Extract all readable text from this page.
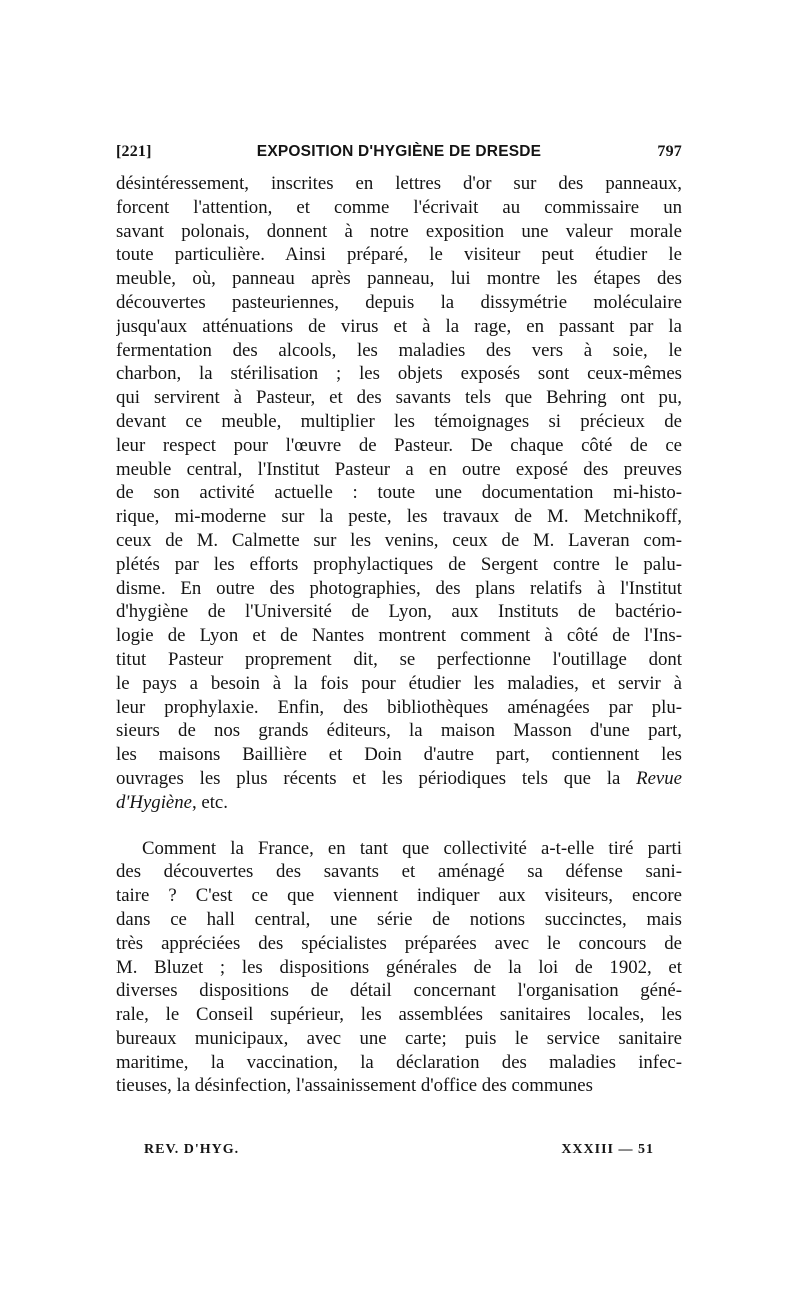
[221]	EXPOSITION D'HYGIÈNE DE DRESDE	797
désintéressement, inscrites en lettres d'or sur des panneaux,
forcent l'attention, et comme l'écrivait au commissaire un
savant polonais, donnent à notre exposition une valeur morale
toute particulière. Ainsi préparé, le visiteur peut étudier le
meuble, où, panneau après panneau, lui montre les étapes des
découvertes pasteuriennes, depuis la dissymétrie moléculaire
jusqu'aux atténuations de virus et à la rage, en passant par la
fermentation des alcools, les maladies des vers à soie, le
charbon, la stérilisation ; les objets exposés sont ceux-mêmes
qui servirent à Pasteur, et des savants tels que Behring ont pu,
devant ce meuble, multiplier les témoignages si précieux de
leur respect pour l'œuvre de Pasteur. De chaque côté de ce
meuble central, l'Institut Pasteur a en outre exposé des preuves
de son activité actuelle : toute une documentation mi-histo-
rique, mi-moderne sur la peste, les travaux de M. Metchnikoff,
ceux de M. Calmette sur les venins, ceux de M. Laveran com-
plétés par les efforts prophylactiques de Sergent contre le palu-
disme. En outre des photographies, des plans relatifs à l'Institut
d'hygiène de l'Université de Lyon, aux Instituts de bactério-
logie de Lyon et de Nantes montrent comment à côté de l'Ins-
titut Pasteur proprement dit, se perfectionne l'outillage dont
le pays a besoin à la fois pour étudier les maladies, et servir à
leur prophylaxie. Enfin, des bibliothèques aménagées par plu-
sieurs de nos grands éditeurs, la maison Masson d'une part,
les maisons Baillière et Doin d'autre part, contiennent les
ouvrages les plus récents et les périodiques tels que la Revue
d'Hygiène, etc.
Comment la France, en tant que collectivité a-t-elle tiré parti
des découvertes des savants et aménagé sa défense sani-
taire ? C'est ce que viennent indiquer aux visiteurs, encore
dans ce hall central, une série de notions succinctes, mais
très appréciées des spécialistes préparées avec le concours de
M. Bluzet ; les dispositions générales de la loi de 1902, et
diverses dispositions de détail concernant l'organisation géné-
rale, le Conseil supérieur, les assemblées sanitaires locales, les
bureaux municipaux, avec une carte; puis le service sanitaire
maritime, la vaccination, la déclaration des maladies infec-
tieuses, la désinfection, l'assainissement d'office des communes
REV. D'HYG.	XXXIII — 51
